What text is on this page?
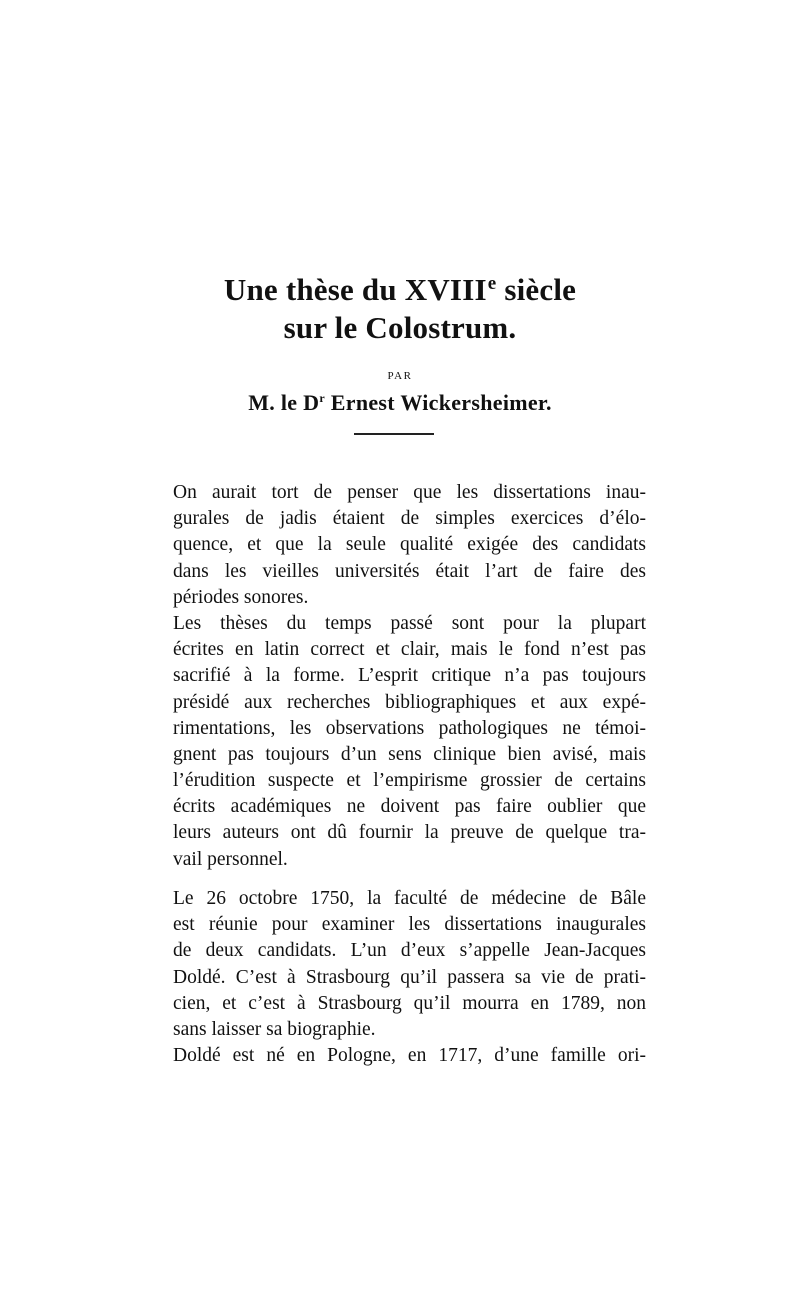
Une thèse du XVIIIe siècle
sur le Colostrum.
PAR
M. le $D^r$ Ernest Wickersheimer.

On aurait tort de penser que les dissertations inau-
gurales de jadis étaient de simples exercices d’élo-
quence, et que la seule qualité exigée des candidats
dans les vieilles universités était l’art de faire des
périodes sonores.

Les thèses du temps passé sont pour la plupart
écrites en latin correct et clair, mais le fond n’est pas
sacrifié à la forme. L’esprit critique n’a pas toujours
présidé aux recherches bibliographiques et aux expé-
rimentations, les observations pathologiques ne témoi-
gnent pas toujours d’un sens clinique bien avisé, mais
l’érudition suspecte et l’empirisme grossier de certains
écrits académiques ne doivent pas faire oublier que
leurs auteurs ont dû fournir la preuve de quelque tra-
vail personnel.

Le 26 octobre 1750, la faculté de médecine de Bâle
est réunie pour examiner les dissertations inaugurales
de deux candidats. L’un d’eux s’appelle Jean-Jacques
Doldé. C’est à Strasbourg qu’il passera sa vie de prati-
cien, et c’est à Strasbourg qu’il mourra en 1789, non
sans laisser sa biographie.

Doldé est né en Pologne, en 1717, d’une famille ori-
